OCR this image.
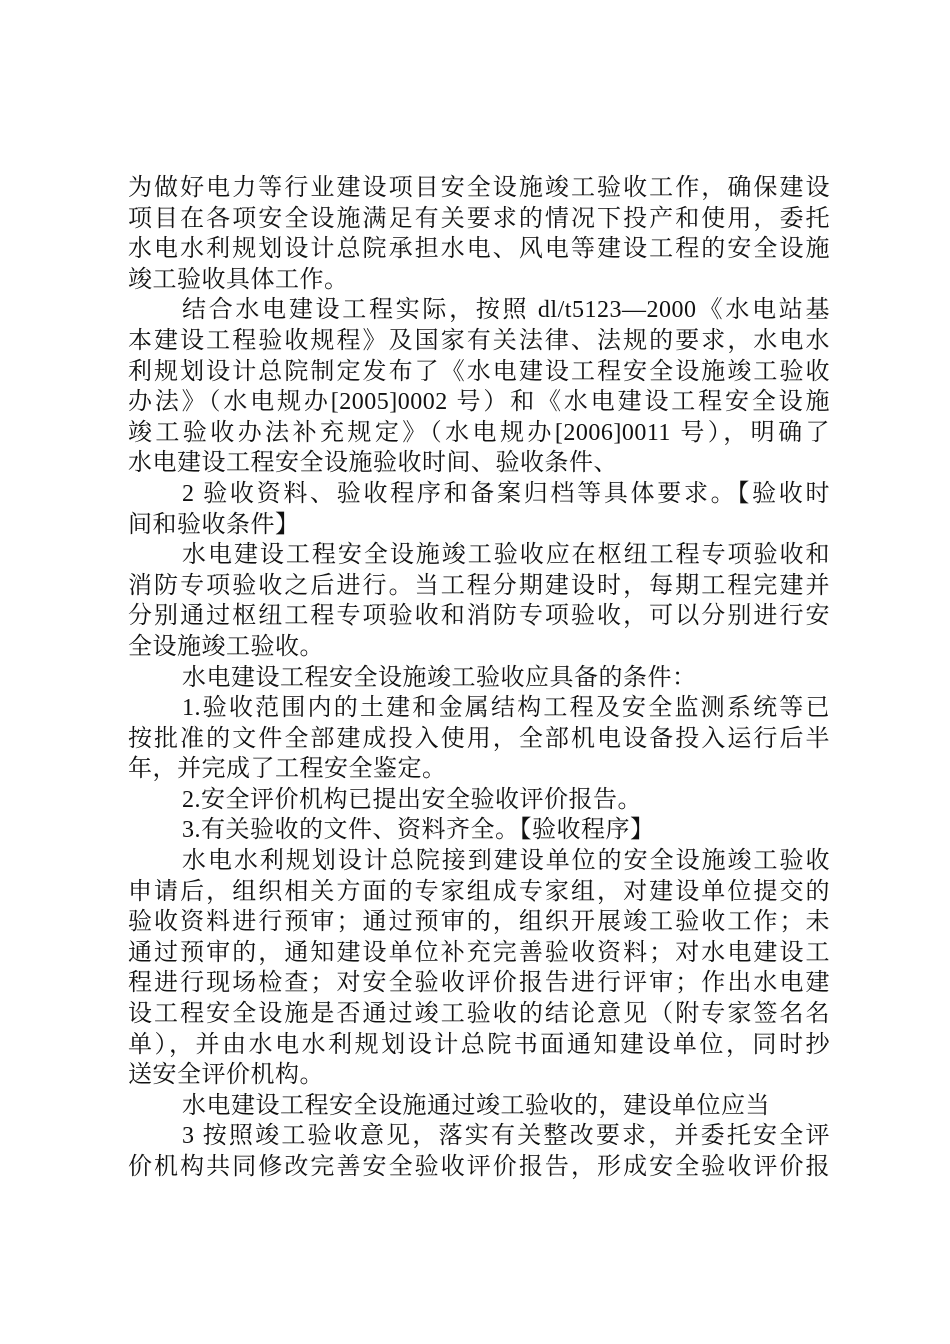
为做好电力等行业建设项目安全设施竣工验收工作，确保建设
项目在各项安全设施满足有关要求的情况下投产和使用，委托
水电水利规划设计总院承担水电、风电等建设工程的安全设施
竣工验收具体工作。
结合水电建设工程实际，按照 dl/t5123—2000《水电站基
本建设工程验收规程》及国家有关法律、法规的要求，水电水
利规划设计总院制定发布了《水电建设工程安全设施竣工验收
办法》（水电规办[2005]0002 号）和《水电建设工程安全设施
竣工验收办法补充规定》（水电规办[2006]0011 号），明确了
水电建设工程安全设施验收时间、验收条件、
2 验收资料、验收程序和备案归档等具体要求。【验收时
间和验收条件】
水电建设工程安全设施竣工验收应在枢纽工程专项验收和
消防专项验收之后进行。当工程分期建设时，每期工程完建并
分别通过枢纽工程专项验收和消防专项验收，可以分别进行安
全设施竣工验收。
水电建设工程安全设施竣工验收应具备的条件：
1.验收范围内的土建和金属结构工程及安全监测系统等已
按批准的文件全部建成投入使用，全部机电设备投入运行后半
年，并完成了工程安全鉴定。
2.安全评价机构已提出安全验收评价报告。
3.有关验收的文件、资料齐全。【验收程序】
水电水利规划设计总院接到建设单位的安全设施竣工验收
申请后，组织相关方面的专家组成专家组，对建设单位提交的
验收资料进行预审；通过预审的，组织开展竣工验收工作；未
通过预审的，通知建设单位补充完善验收资料；对水电建设工
程进行现场检查；对安全验收评价报告进行评审；作出水电建
设工程安全设施是否通过竣工验收的结论意见（附专家签名名
单），并由水电水利规划设计总院书面通知建设单位，同时抄
送安全评价机构。
水电建设工程安全设施通过竣工验收的，建设单位应当
3 按照竣工验收意见，落实有关整改要求，并委托安全评
价机构共同修改完善安全验收评价报告，形成安全验收评价报
